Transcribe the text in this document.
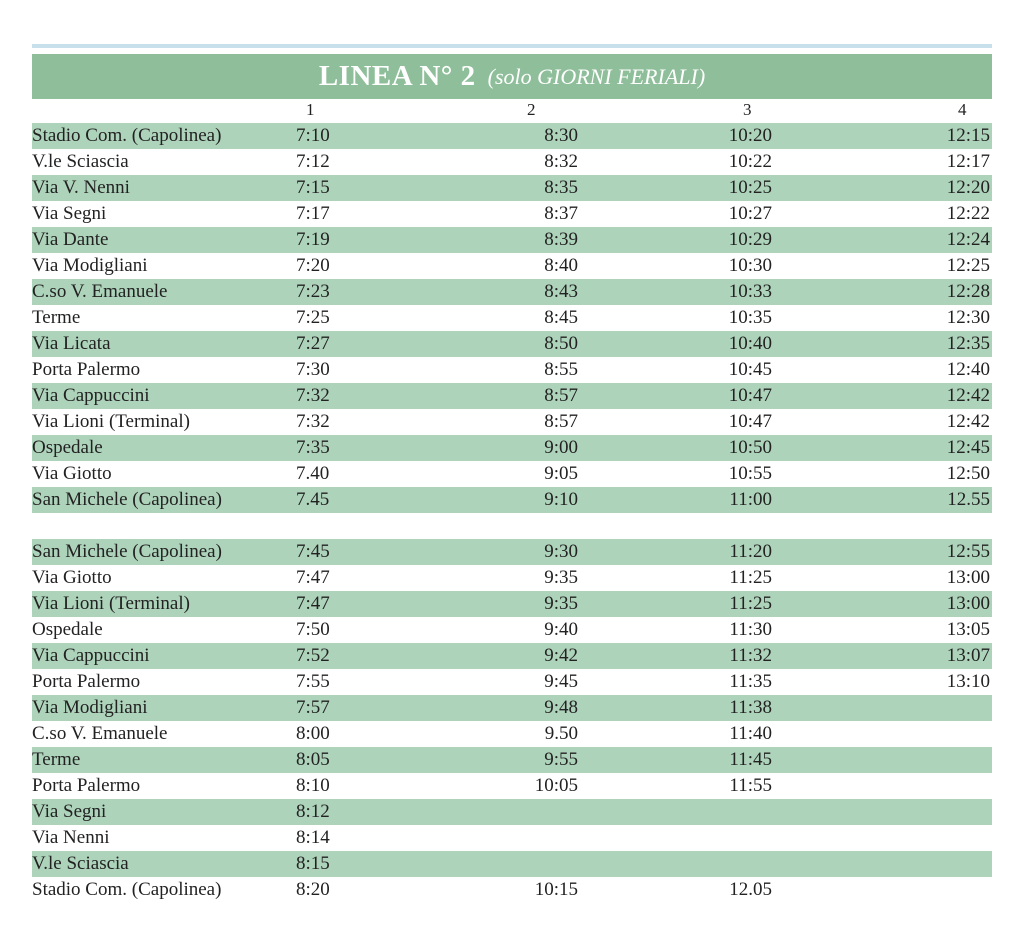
LINEA N° 2 (solo GIORNI FERIALI)
1	2	3	4
Stadio Com. (Capolinea)	7:10	8:30	10:20	12:15
V.le Sciascia	7:12	8:32	10:22	12:17
Via V. Nenni	7:15	8:35	10:25	12:20
Via Segni	7:17	8:37	10:27	12:22
Via Dante	7:19	8:39	10:29	12:24
Via Modigliani	7:20	8:40	10:30	12:25
C.so V. Emanuele	7:23	8:43	10:33	12:28
Terme	7:25	8:45	10:35	12:30
Via Licata	7:27	8:50	10:40	12:35
Porta Palermo	7:30	8:55	10:45	12:40
Via Cappuccini	7:32	8:57	10:47	12:42
Via Lioni (Terminal)	7:32	8:57	10:47	12:42
Ospedale	7:35	9:00	10:50	12:45
Via Giotto	7.40	9:05	10:55	12:50
San Michele (Capolinea)	7.45	9:10	11:00	12.55
San Michele (Capolinea)	7:45	9:30	11:20	12:55
Via Giotto	7:47	9:35	11:25	13:00
Via Lioni (Terminal)	7:47	9:35	11:25	13:00
Ospedale	7:50	9:40	11:30	13:05
Via Cappuccini	7:52	9:42	11:32	13:07
Porta Palermo	7:55	9:45	11:35	13:10
Via Modigliani	7:57	9:48	11:38
C.so V. Emanuele	8:00	9.50	11:40
Terme	8:05	9:55	11:45
Porta Palermo	8:10	10:05	11:55
Via Segni	8:12
Via Nenni	8:14
V.le Sciascia	8:15
Stadio Com. (Capolinea)	8:20	10:15	12.05
